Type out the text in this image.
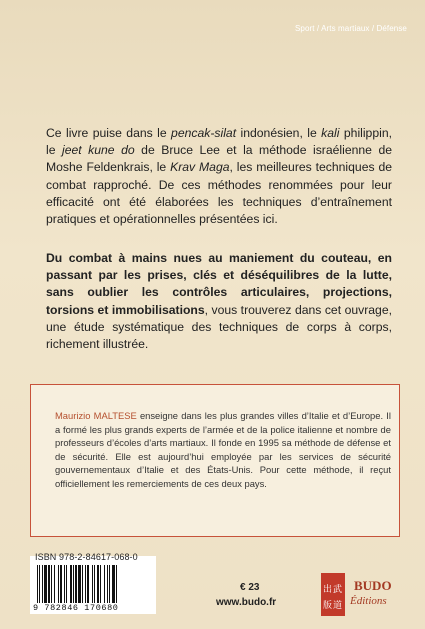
Sport / Arts martiaux / Défense

Ce livre puise dans le pencak-silat indonésien, le kali philippin, le jeet kune do de Bruce Lee et la méthode israélienne de Moshe Feldenkrais, le Krav Maga, les meilleures techniques de combat rapproché. De ces méthodes renommées pour leur efficacité ont été élaborées les techniques d’entraînement pratiques et opérationnelles présentées ici.

Du combat à mains nues au maniement du couteau, en passant par les prises, clés et déséquilibres de la lutte, sans oublier les contrôles articulaires, projections, torsions et immobilisations, vous trouverez dans cet ouvrage, une étude systématique des techniques de corps à corps, richement illustrée.

Maurizio MALTESE enseigne dans les plus grandes villes d’Italie et d’Europe. Il a formé les plus grands experts de l’armée et de la police italienne et nombre de professeurs d’écoles d’arts martiaux. Il fonde en 1995 sa méthode de défense et de sécurité. Elle est aujourd’hui employée par les services de sécurité gouvernementaux d’Italie et des États-Unis. Pour cette méthode, il reçut officiellement les remerciements de ces deux pays.

ISBN 978-2-84617-068-0
9 782846 170680
€ 23
www.budo.fr
出 武
版 道
BUDO
Éditions
